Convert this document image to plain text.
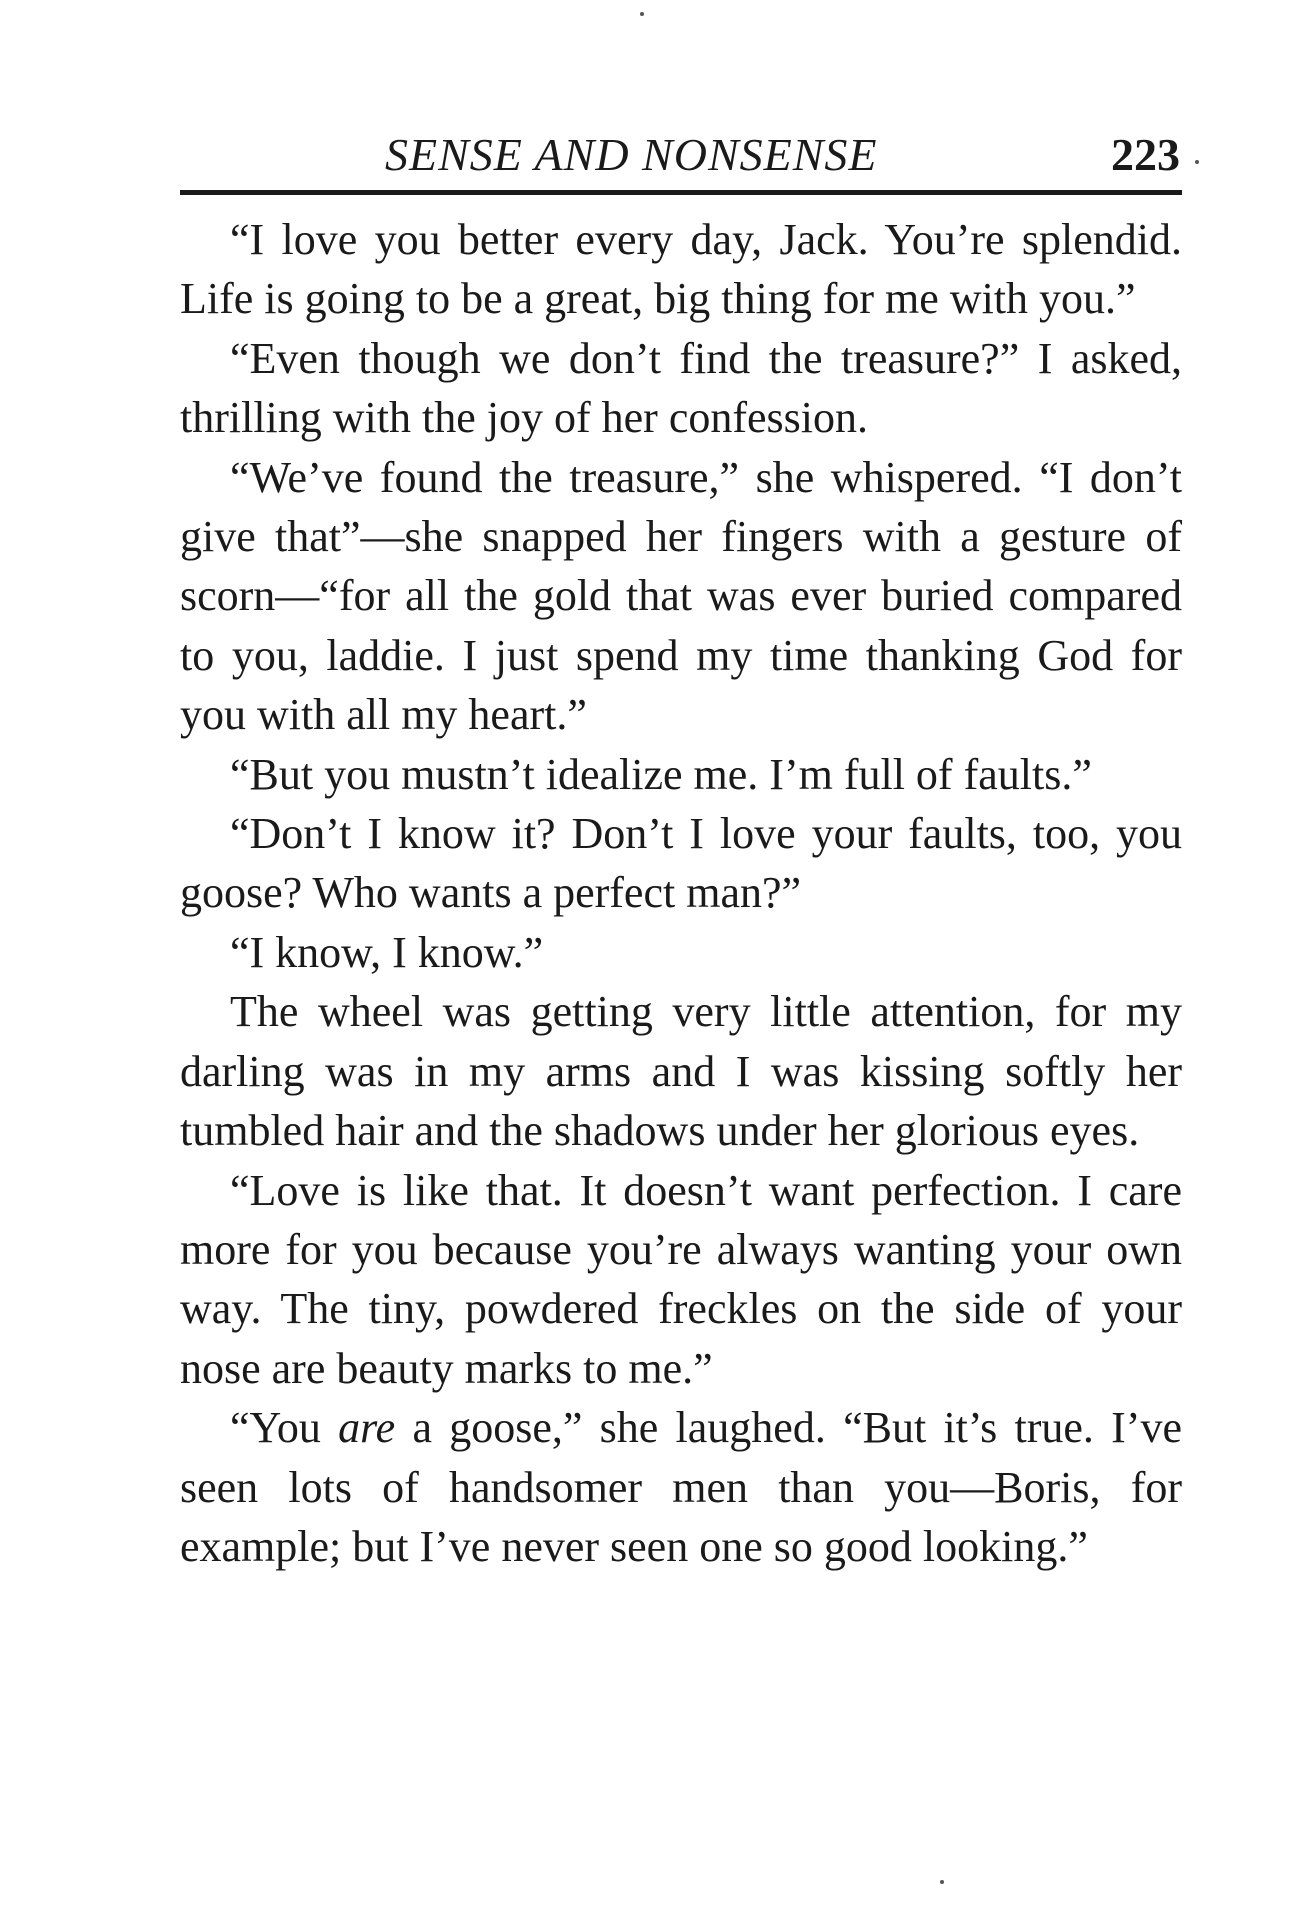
SENSE AND NONSENSE	223

“I love you better every day, Jack. You’re splendid. Life is going to be a great, big thing for me with you.”

“Even though we don’t find the treasure?” I asked, thrilling with the joy of her confession.

“We’ve found the treasure,” she whispered. “I don’t give that”—she snapped her fingers with a gesture of scorn—“for all the gold that was ever buried compared to you, laddie. I just spend my time thanking God for you with all my heart.”

“But you mustn’t idealize me. I’m full of faults.”

“Don’t I know it? Don’t I love your faults, too, you goose? Who wants a perfect man?”

“I know, I know.”

The wheel was getting very little attention, for my darling was in my arms and I was kissing softly her tumbled hair and the shadows under her glorious eyes.

“Love is like that. It doesn’t want perfection. I care more for you because you’re always wanting your own way. The tiny, powdered freckles on the side of your nose are beauty marks to me.”

“You are a goose,” she laughed. “But it’s true. I’ve seen lots of handsomer men than you—Boris, for example; but I’ve never seen one so good looking.”
